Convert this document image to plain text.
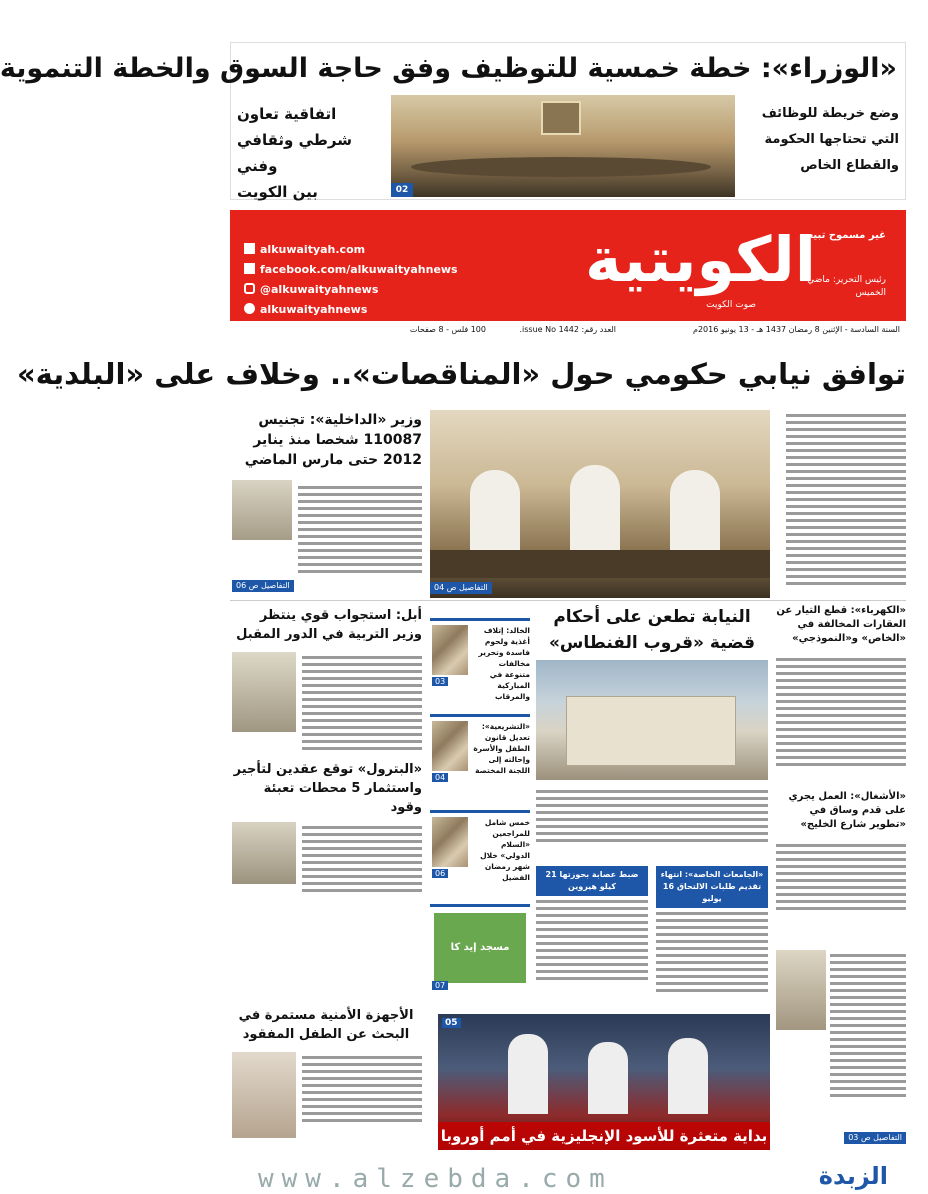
«الوزراء»: خطة خمسية للتوظيف وفق حاجة السوق والخطة التنموية
02
اتفاقية تعاون
شرطي وثقافي وفني
بين الكويت
وضع خريطة للوظائف
التي تحتاجها الحكومة
والقطاع الخاص
الكويتية
غير مسموح تبيعه
صوت الكويت
رئيس التحرير: ماضي الخميس
alkuwaityah.com
facebook.com/alkuwaityahnews
@alkuwaityahnews
alkuwaityahnews
السنة السادسة - الإثنين 8 رمضان 1437 هـ - 13 يونيو 2016م
العدد رقم: 1442 issue No.
100 فلس - 8 صفحات
توافق نيابي حكومي حول «المناقصات».. وخلاف على «البلدية»
وزير «الداخلية»: تجنيس 110087 شخصا منذ يناير 2012 حتى مارس الماضي
التفاصيل ص 06	التفاصيل ص 04
أبل: استجواب قوي ينتظر وزير التربية في الدور المقبل
«البترول» توقع عقدين لتأجير واستثمار 5 محطات تعبئة وقود
الأجهزة الأمنية مستمرة في البحث عن الطفل المفقود
03
الخالد: إتلاف أغذية ولحوم فاسدة وتحرير مخالفات متنوعة في المباركية والمرقاب
04
«التشريعية»: تعديل قانون الطفل والأسرة وإحالته إلى اللجنة المختصة
06
خمس شامل للمراجعين «السلام الدولي» خلال شهر رمضان الفضيل
مسجد إيد كا
07
النيابة تطعن على أحكام قضية «قروب الفنطاس»
ضبط عصابة بحوزتها 21 كيلو هيروين
«الجامعات الخاصة»: انتهاء تقديم طلبات الالتحاق 16 يوليو
«الكهرباء»: قطع التيار عن العقارات المخالفة في «الخاص» و«النموذجي»
«الأشغال»: العمل يجري على قدم وساق في «تطوير شارع الخليج»
التفاصيل ص 03
05
بداية متعثرة للأسود الإنجليزية في أمم أوروبا
www.alzebda.com	الزبدة
